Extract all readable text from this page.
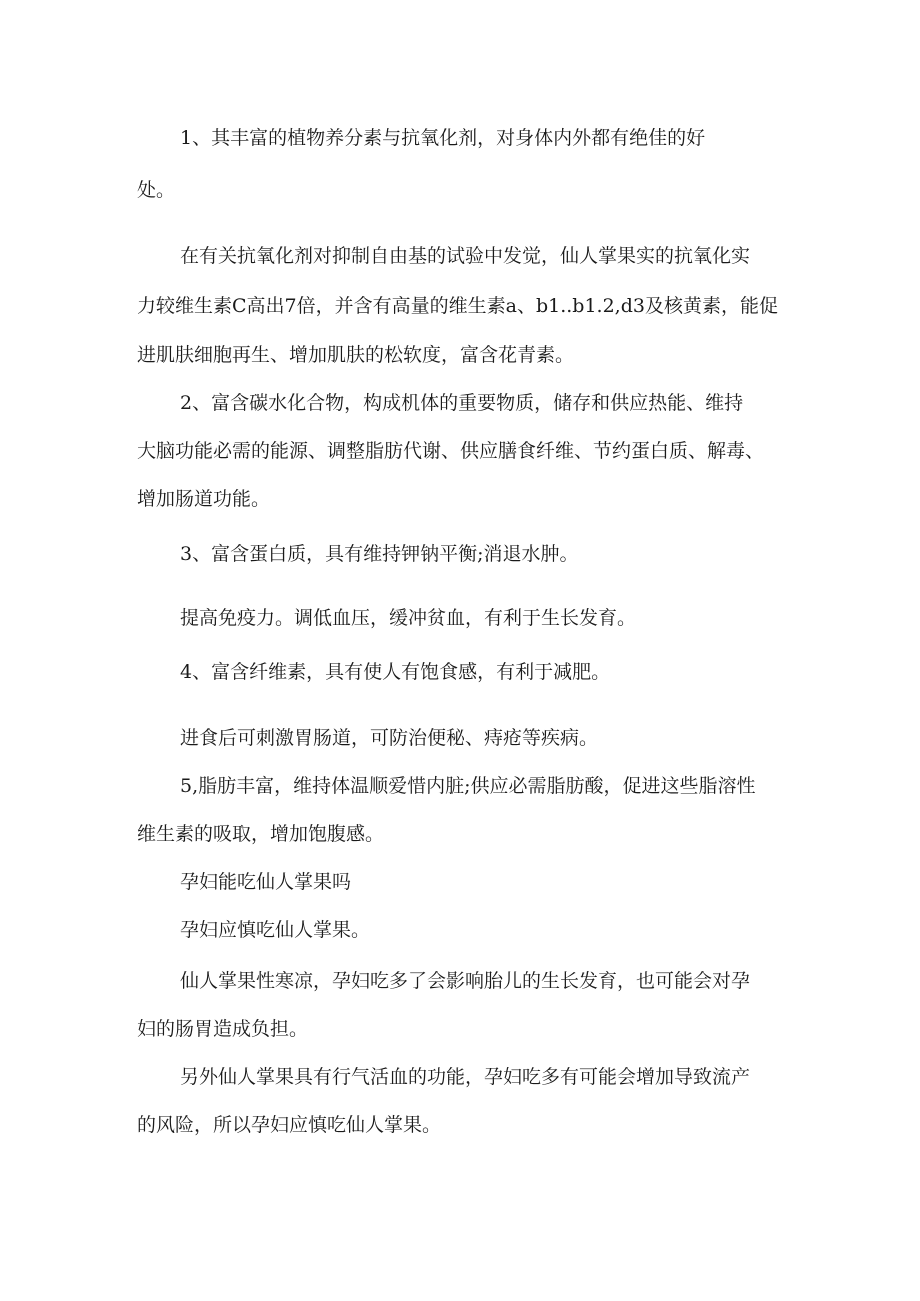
1、其丰富的植物养分素与抗氧化剂，对身体内外都有绝佳的好
处。
在有关抗氧化剂对抑制自由基的试验中发觉，仙人掌果实的抗氧化实
力较维生素C高出7倍，并含有高量的维生素a、b1..b1.2,d3及核黄素，能促
进肌肤细胞再生、增加肌肤的松软度，富含花青素。
2、富含碳水化合物，构成机体的重要物质，储存和供应热能、维持
大脑功能必需的能源、调整脂肪代谢、供应膳食纤维、节约蛋白质、解毒、
增加肠道功能。
3、富含蛋白质，具有维持钾钠平衡;消退水肿。
提高免疫力。调低血压，缓冲贫血，有利于生长发育。
4、富含纤维素，具有使人有饱食感，有利于减肥。
进食后可刺激胃肠道，可防治便秘、痔疮等疾病。
5,脂肪丰富，维持体温顺爱惜内脏;供应必需脂肪酸，促进这些脂溶性
维生素的吸取，增加饱腹感。
孕妇能吃仙人掌果吗
孕妇应慎吃仙人掌果。
仙人掌果性寒凉，孕妇吃多了会影响胎儿的生长发育，也可能会对孕
妇的肠胃造成负担。
另外仙人掌果具有行气活血的功能，孕妇吃多有可能会增加导致流产
的风险，所以孕妇应慎吃仙人掌果。
